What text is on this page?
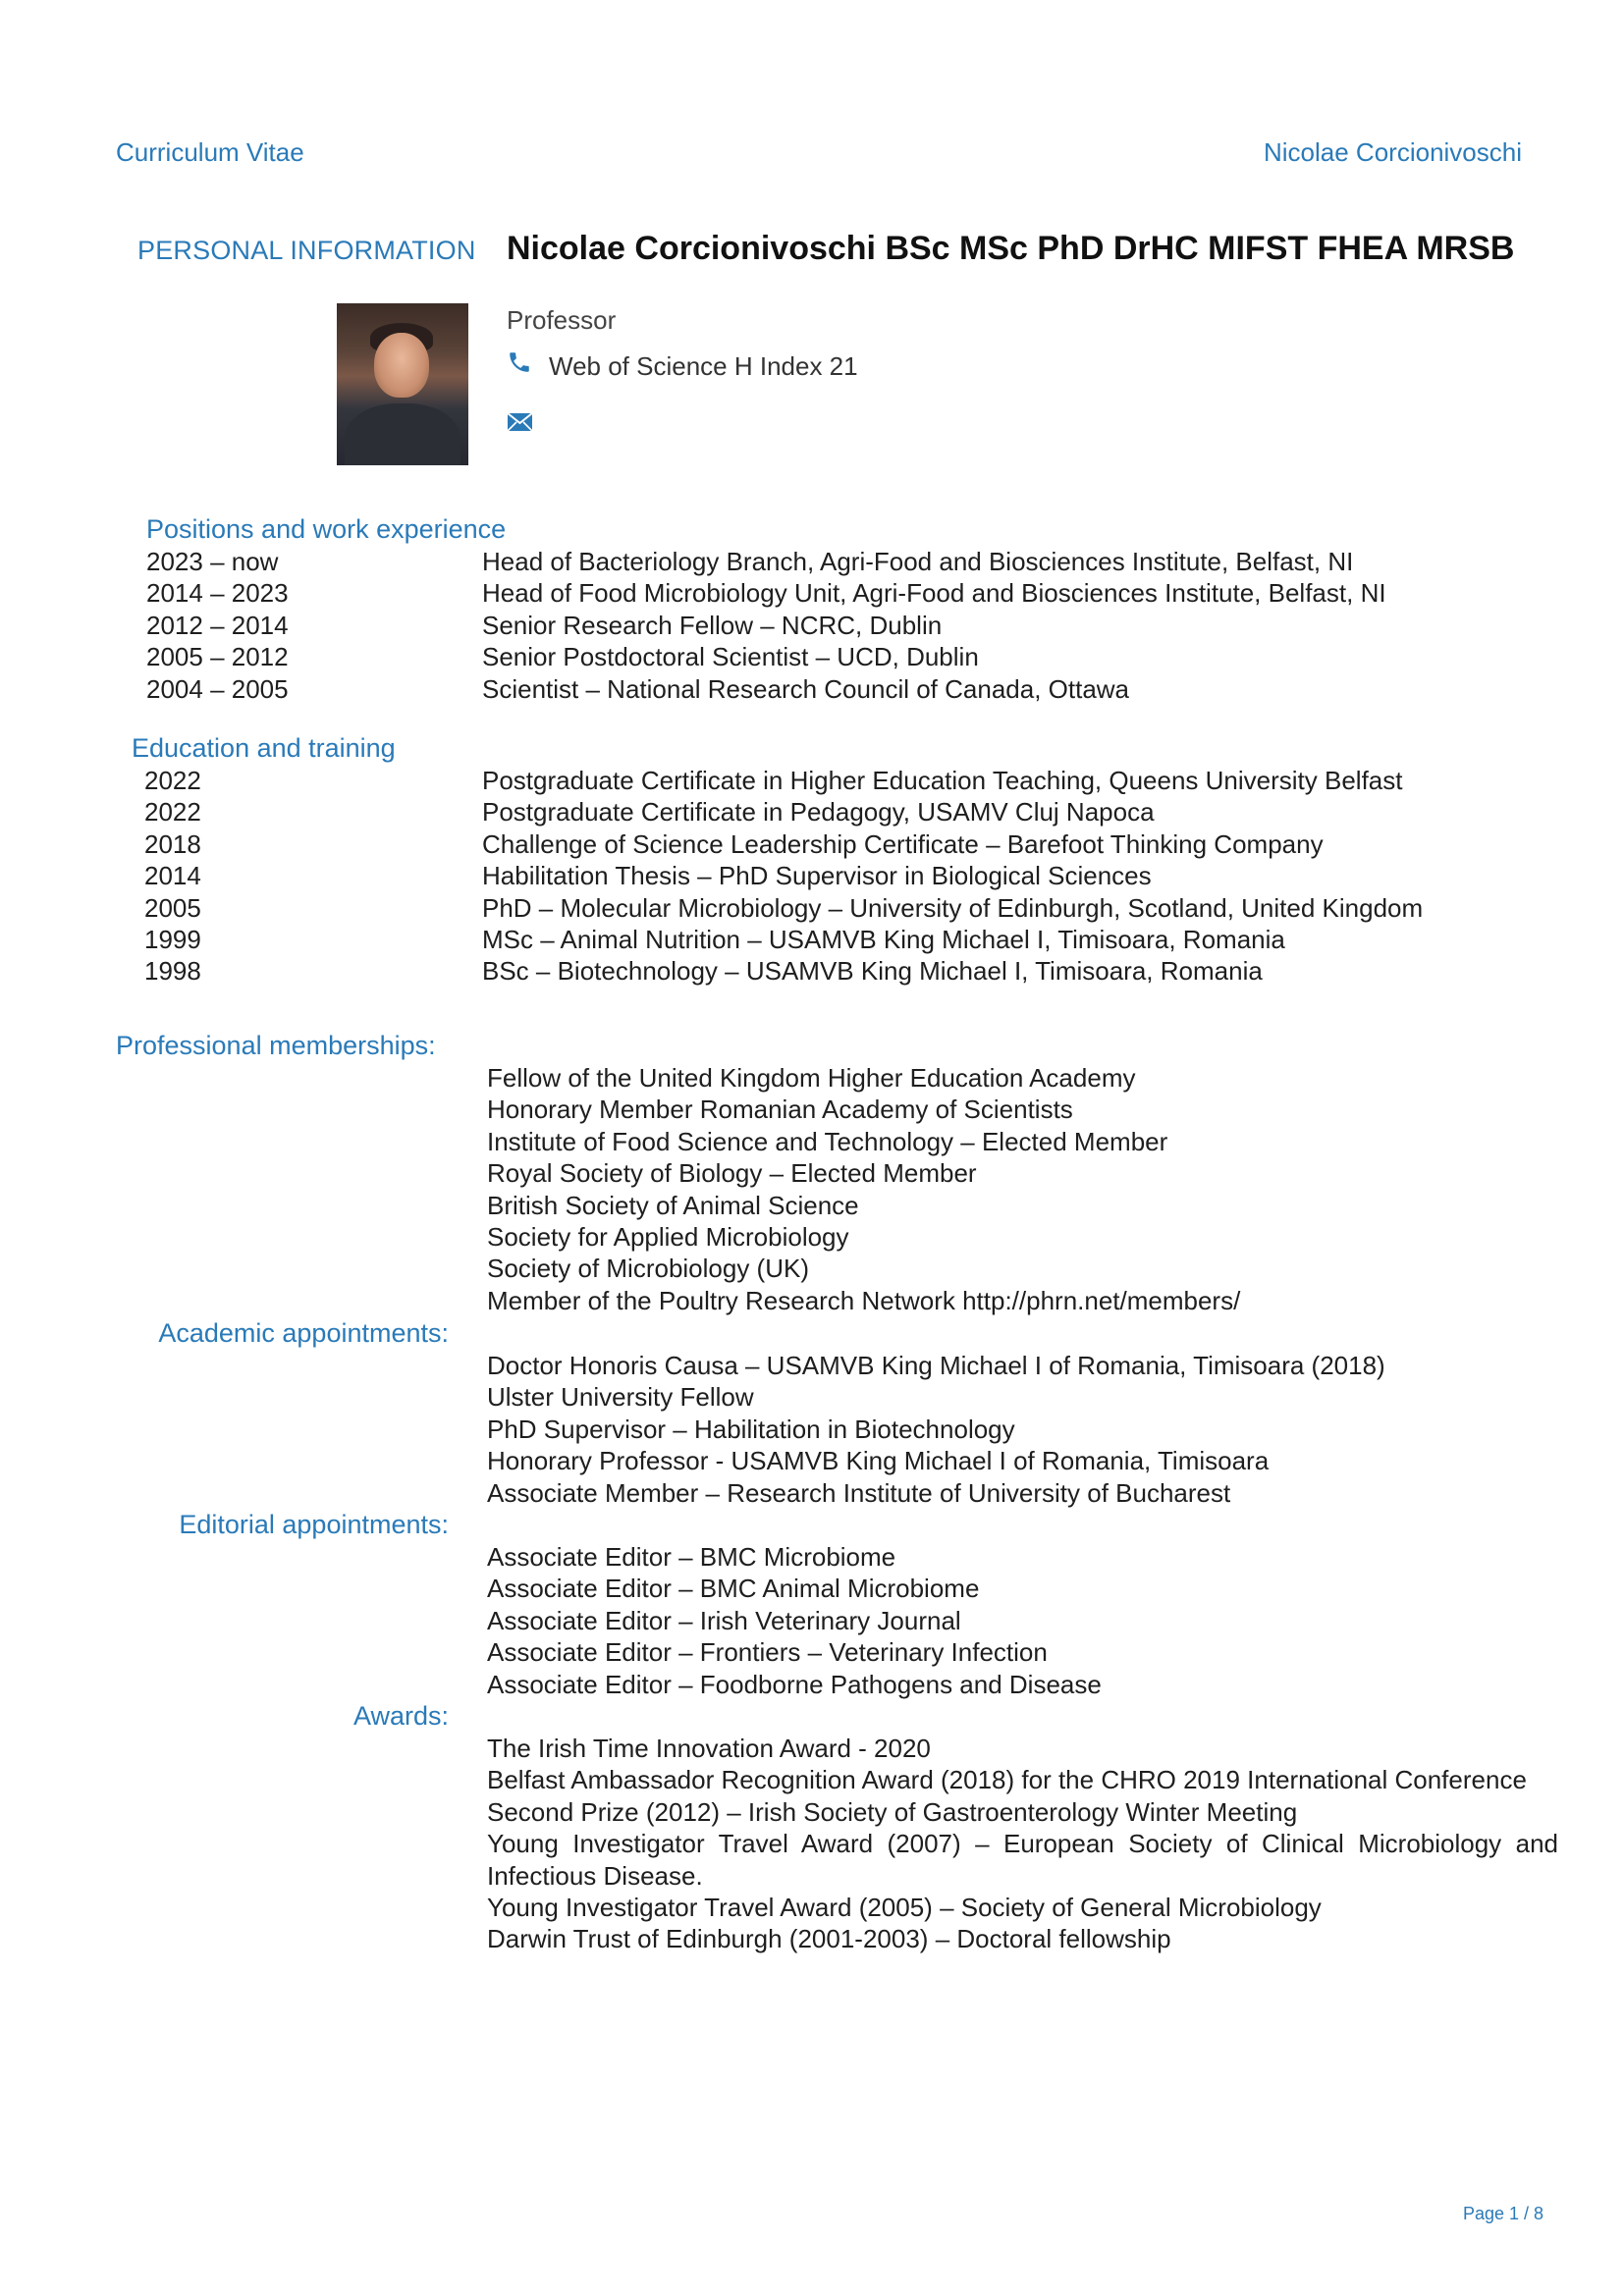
Curriculum Vitae	Nicolae Corcionivoschi
PERSONAL INFORMATION Nicolae Corcionivoschi BSc MSc PhD DrHC MIFST FHEA MRSB
Professor
Web of Science H Index 21
Positions and work experience
2023 – now	Head of Bacteriology Branch, Agri-Food and Biosciences Institute, Belfast, NI
2014 – 2023	Head of Food Microbiology Unit, Agri-Food and Biosciences Institute, Belfast, NI
2012 – 2014	Senior Research Fellow – NCRC, Dublin
2005 – 2012	Senior Postdoctoral Scientist – UCD, Dublin
2004 – 2005	Scientist – National Research Council of Canada, Ottawa
Education and training
2022	Postgraduate Certificate in Higher Education Teaching, Queens University Belfast
2022	Postgraduate Certificate in Pedagogy, USAMV Cluj Napoca
2018	Challenge of Science Leadership Certificate – Barefoot Thinking Company
2014	Habilitation Thesis – PhD Supervisor in Biological Sciences
2005	PhD – Molecular Microbiology – University of Edinburgh, Scotland, United Kingdom
1999	MSc – Animal Nutrition – USAMVB King Michael I, Timisoara, Romania
1998	BSc – Biotechnology – USAMVB King Michael I, Timisoara, Romania
Professional memberships:
Fellow of the United Kingdom Higher Education Academy
Honorary Member Romanian Academy of Scientists
Institute of Food Science and Technology – Elected Member
Royal Society of Biology – Elected Member
British Society of Animal Science
Society for Applied Microbiology
Society of Microbiology (UK)
Member of the Poultry Research Network http://phrn.net/members/
Academic appointments:
Doctor Honoris Causa – USAMVB King Michael I of Romania, Timisoara (2018)
Ulster University Fellow
PhD Supervisor – Habilitation in Biotechnology
Honorary Professor - USAMVB King Michael I of Romania, Timisoara
Associate Member – Research Institute of University of Bucharest
Editorial appointments:
Associate Editor – BMC Microbiome
Associate Editor – BMC Animal Microbiome
Associate Editor – Irish Veterinary Journal
Associate Editor – Frontiers – Veterinary Infection
Associate Editor – Foodborne Pathogens and Disease
Awards:
The Irish Time Innovation Award - 2020
Belfast Ambassador Recognition Award (2018) for the CHRO 2019 International Conference
Second Prize (2012) – Irish Society of Gastroenterology Winter Meeting
Young Investigator Travel Award (2007) – European Society of Clinical Microbiology and
Infectious Disease.
Young Investigator Travel Award (2005) – Society of General Microbiology
Darwin Trust of Edinburgh (2001-2003) – Doctoral fellowship
Page 1 / 8
